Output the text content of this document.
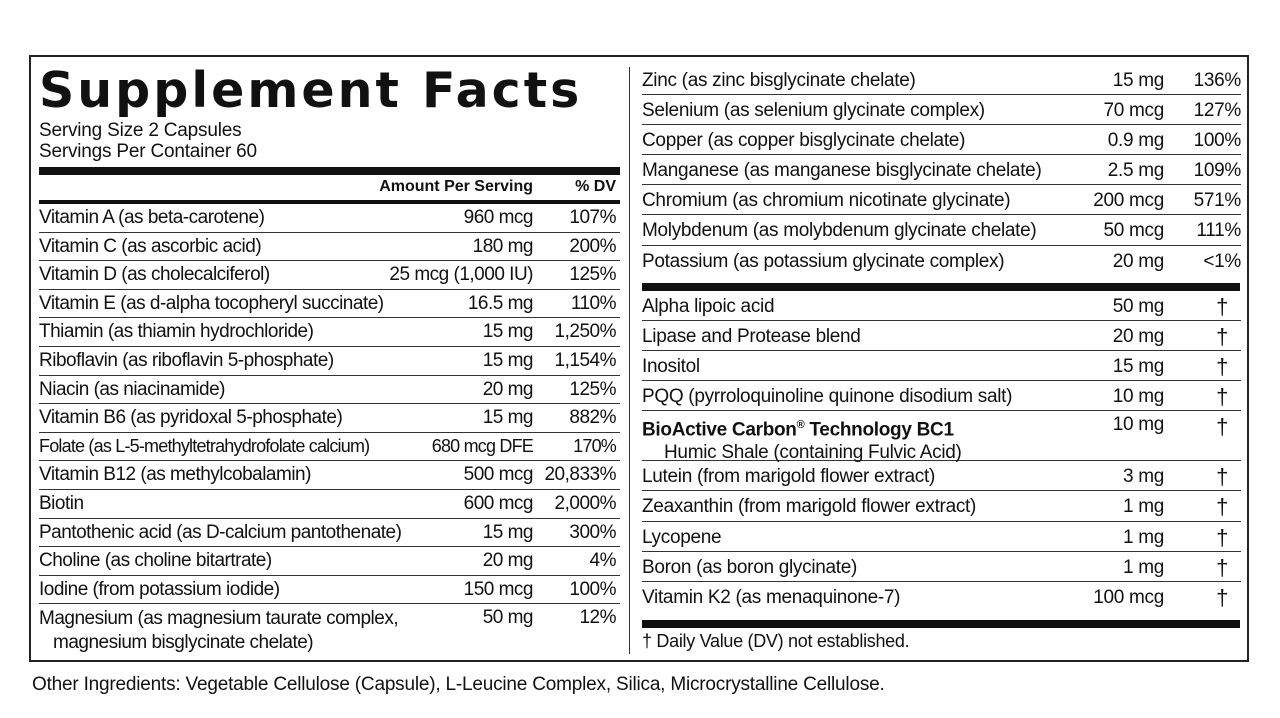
Supplement Facts
Serving Size 2 Capsules
Servings Per Container 60
Amount Per Serving	% DV
Vitamin A (as beta-carotene)	960 mcg 107%
Vitamin C (as ascorbic acid)	180 mg 200%
Vitamin D (as cholecalciferol)	25 mcg (1,000 IU) 125%
Vitamin E (as d-alpha tocopheryl succinate)	16.5 mg 110%
Thiamin (as thiamin hydrochloride)	15 mg 1,250%
Riboflavin (as riboflavin 5-phosphate)	15 mg 1,154%
Niacin (as niacinamide)	20 mg 125%
Vitamin B6 (as pyridoxal 5-phosphate)	15 mg 882%
Folate (as L-5-methyltetrahydrofolate calcium)	680 mcg DFE 170%
Vitamin B12 (as methylcobalamin)	500 mcg 20,833%
Biotin	600 mcg 2,000%
Pantothenic acid (as D-calcium pantothenate)	15 mg 300%
Choline (as choline bitartrate)	20 mg	4%
Iodine (from potassium iodide)	150 mcg 100%
Magnesium (as magnesium taurate complex,
magnesium bisglycinate chelate)
50 mg 12%
Zinc (as zinc bisglycinate chelate)	15 mg 136%
Selenium (as selenium glycinate complex)	70 mcg 127%
Copper (as copper bisglycinate chelate)	0.9 mg 100%
Manganese (as manganese bisglycinate chelate)	2.5 mg 109%
Chromium (as chromium nicotinate glycinate)	200 mcg 571%
Molybdenum (as molybdenum glycinate chelate)	50 mcg 111%
Potassium (as potassium glycinate complex)	20 mg <1%
Alpha lipoic acid	50 mg †
Lipase and Protease blend	20 mg †
Inositol	15 mg †
PQQ (pyrroloquinoline quinone disodium salt)	10 mg †
BioActive Carbon® Technology BC1
Humic Shale (containing Fulvic Acid)
10 mg †
Lutein (from marigold flower extract)	3 mg †
Zeaxanthin (from marigold flower extract)	1 mg †
Lycopene	1 mg †
Boron (as boron glycinate)	1 mg †
Vitamin K2 (as menaquinone-7)	100 mcg †
† Daily Value (DV) not established.
Other Ingredients: Vegetable Cellulose (Capsule), L-Leucine Complex, Silica, Microcrystalline Cellulose.
